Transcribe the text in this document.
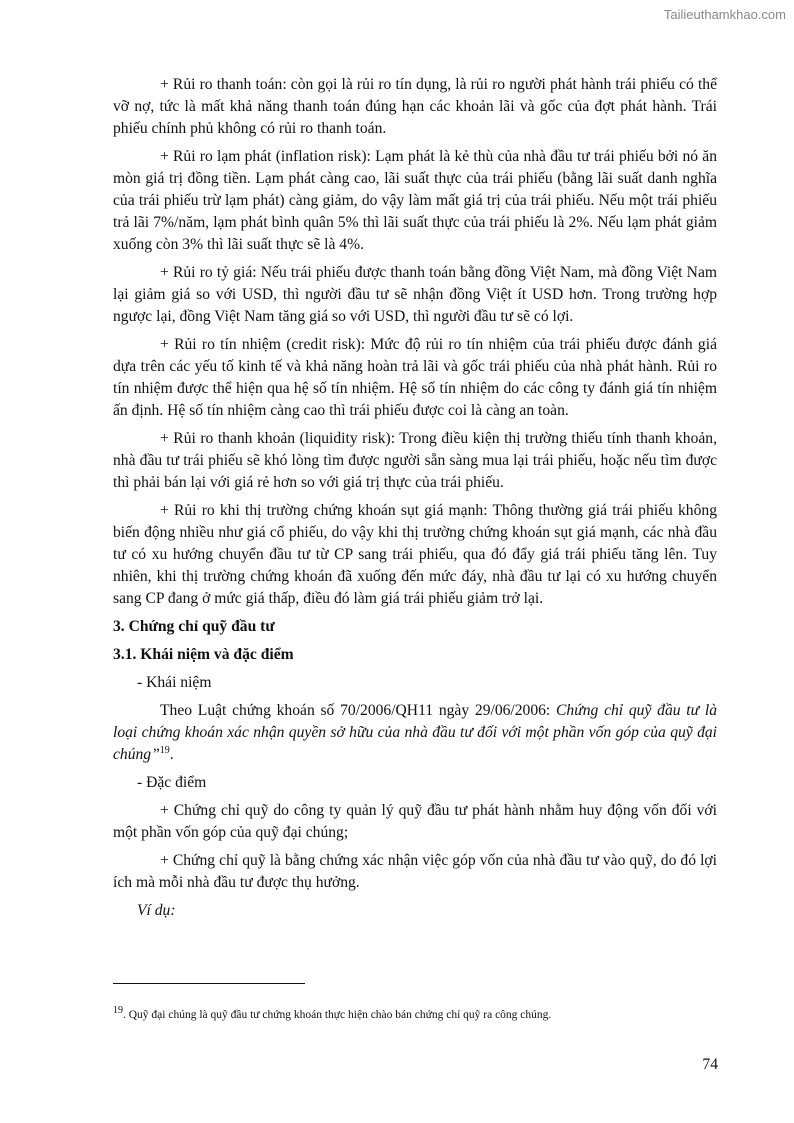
Tailieuthamkhao.com

+ Rủi ro thanh toán: còn gọi là rủi ro tín dụng, là rủi ro người phát hành trái phiếu có thể vỡ nợ, tức là mất khả năng thanh toán đúng hạn các khoản lãi và gốc của đợt phát hành. Trái phiếu chính phủ không có rủi ro thanh toán.

+ Rủi ro lạm phát (inflation risk): Lạm phát là kẻ thù của nhà đầu tư trái phiếu bởi nó ăn mòn giá trị đồng tiền. Lạm phát càng cao, lãi suất thực của trái phiếu (bằng lãi suất danh nghĩa của trái phiếu trừ lạm phát) càng giảm, do vậy làm mất giá trị của trái phiếu. Nếu một trái phiếu trả lãi 7%/năm, lạm phát bình quân 5% thì lãi suất thực của trái phiếu là 2%. Nếu lạm phát giảm xuống còn 3% thì lãi suất thực sẽ là 4%.

+ Rủi ro tỷ giá: Nếu trái phiếu được thanh toán bằng đồng Việt Nam, mà đồng Việt Nam lại giảm giá so với USD, thì người đầu tư sẽ nhận đồng Việt ít USD hơn. Trong trường hợp ngược lại, đồng Việt Nam tăng giá so với USD, thì người đầu tư sẽ có lợi.

+ Rủi ro tín nhiệm (credit risk): Mức độ rủi ro tín nhiệm của trái phiếu được đánh giá dựa trên các yếu tố kinh tế và khả năng hoàn trả lãi và gốc trái phiếu của nhà phát hành. Rủi ro tín nhiệm được thể hiện qua hệ số tín nhiệm. Hệ số tín nhiệm do các công ty đánh giá tín nhiệm ấn định. Hệ số tín nhiệm càng cao thì trái phiếu được coi là càng an toàn.

+ Rủi ro thanh khoản (liquidity risk): Trong điều kiện thị trường thiếu tính thanh khoản, nhà đầu tư trái phiếu sẽ khó lòng tìm được người sẵn sàng mua lại trái phiếu, hoặc nếu tìm được thì phải bán lại với giá rẻ hơn so với giá trị thực của trái phiếu.

+ Rủi ro khi thị trường chứng khoán sụt giá mạnh: Thông thường giá trái phiếu không biến động nhiều như giá cổ phiếu, do vậy khi thị trường chứng khoán sụt giá mạnh, các nhà đầu tư có xu hướng chuyển đầu tư từ CP sang trái phiếu, qua đó đẩy giá trái phiếu tăng lên. Tuy nhiên, khi thị trường chứng khoán đã xuống đến mức đáy, nhà đầu tư lại có xu hướng chuyển sang CP đang ở mức giá thấp, điều đó làm giá trái phiếu giảm trở lại.

3. Chứng chỉ quỹ đầu tư

3.1. Khái niệm và đặc điểm

- Khái niệm

Theo Luật chứng khoán số 70/2006/QH11 ngày 29/06/2006: Chứng chỉ quỹ đầu tư là loại chứng khoán xác nhận quyền sở hữu của nhà đầu tư đối với một phần vốn góp của quỹ đại chúng”$^{19}$.

- Đặc điểm

+ Chứng chỉ quỹ do công ty quản lý quỹ đầu tư phát hành nhằm huy động vốn đối với một phần vốn góp của quỹ đại chúng;

+ Chứng chỉ quỹ là bằng chứng xác nhận việc góp vốn của nhà đầu tư vào quỹ, do đó lợi ích mà mỗi nhà đầu tư được thụ hưởng.

Ví dụ:

$^{19}$. Quỹ đại chúng là quỹ đầu tư chứng khoán thực hiện chào bán chứng chỉ quỹ ra công chúng.
74
